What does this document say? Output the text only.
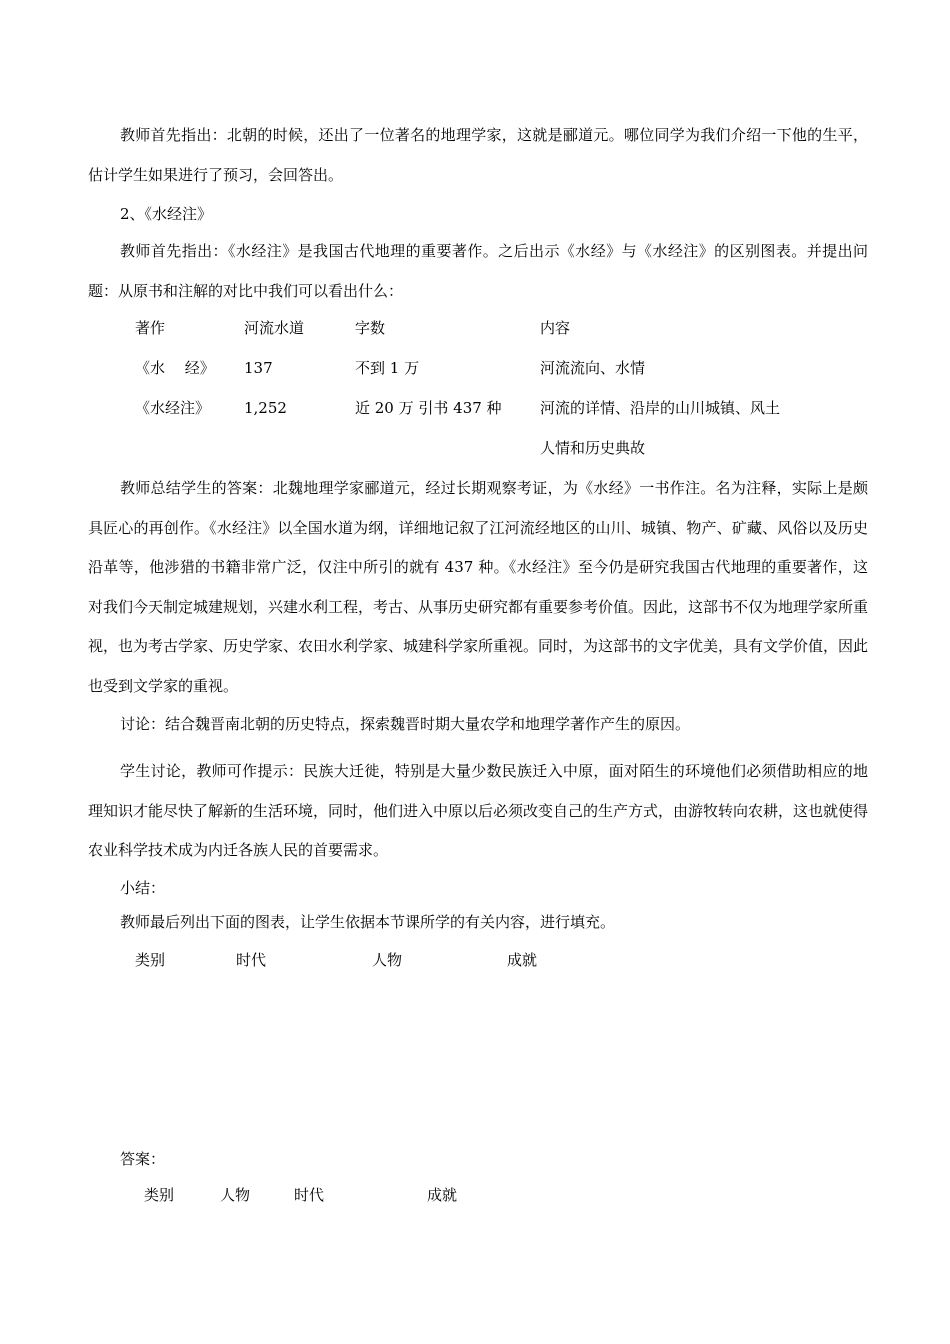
教师首先指出：北朝的时候，还出了一位著名的地理学家，这就是郦道元。哪位同学为我们介绍一下他的生平，估计学生如果进行了预习，会回答出。
2、《水经注》
教师首先指出：《水经注》是我国古代地理的重要著作。之后出示《水经》与《水经注》的区别图表。并提出问题：从原书和注解的对比中我们可以看出什么：
著作	河流水道	字数	内容
《水　 经》 137	不到 1 万	河流流向、水情
《水经注》 1,252	近 20 万 引书 437 种	河流的详情、沿岸的山川城镇、风土
人情和历史典故
教师总结学生的答案：北魏地理学家郦道元，经过长期观察考证，为《水经》一书作注。名为注释，实际上是颇具匠心的再创作。《水经注》以全国水道为纲，详细地记叙了江河流经地区的山川、城镇、物产、矿藏、风俗以及历史沿革等，他涉猎的书籍非常广泛，仅注中所引的就有 437 种。《水经注》至今仍是研究我国古代地理的重要著作，这对我们今天制定城建规划，兴建水利工程，考古、从事历史研究都有重要参考价值。因此，这部书不仅为地理学家所重视，也为考古学家、历史学家、农田水利学家、城建科学家所重视。同时，为这部书的文字优美，具有文学价值，因此也受到文学家的重视。
讨论：结合魏晋南北朝的历史特点，探索魏晋时期大量农学和地理学著作产生的原因。
学生讨论，教师可作提示：民族大迁徙，特别是大量少数民族迁入中原，面对陌生的环境他们必须借助相应的地理知识才能尽快了解新的生活环境，同时，他们进入中原以后必须改变自己的生产方式，由游牧转向农耕，这也就使得农业科学技术成为内迁各族人民的首要需求。
小结：
教师最后列出下面的图表，让学生依据本节课所学的有关内容，进行填充。
类别	时代	人物	成就
答案：
类别	人物	时代	成就
